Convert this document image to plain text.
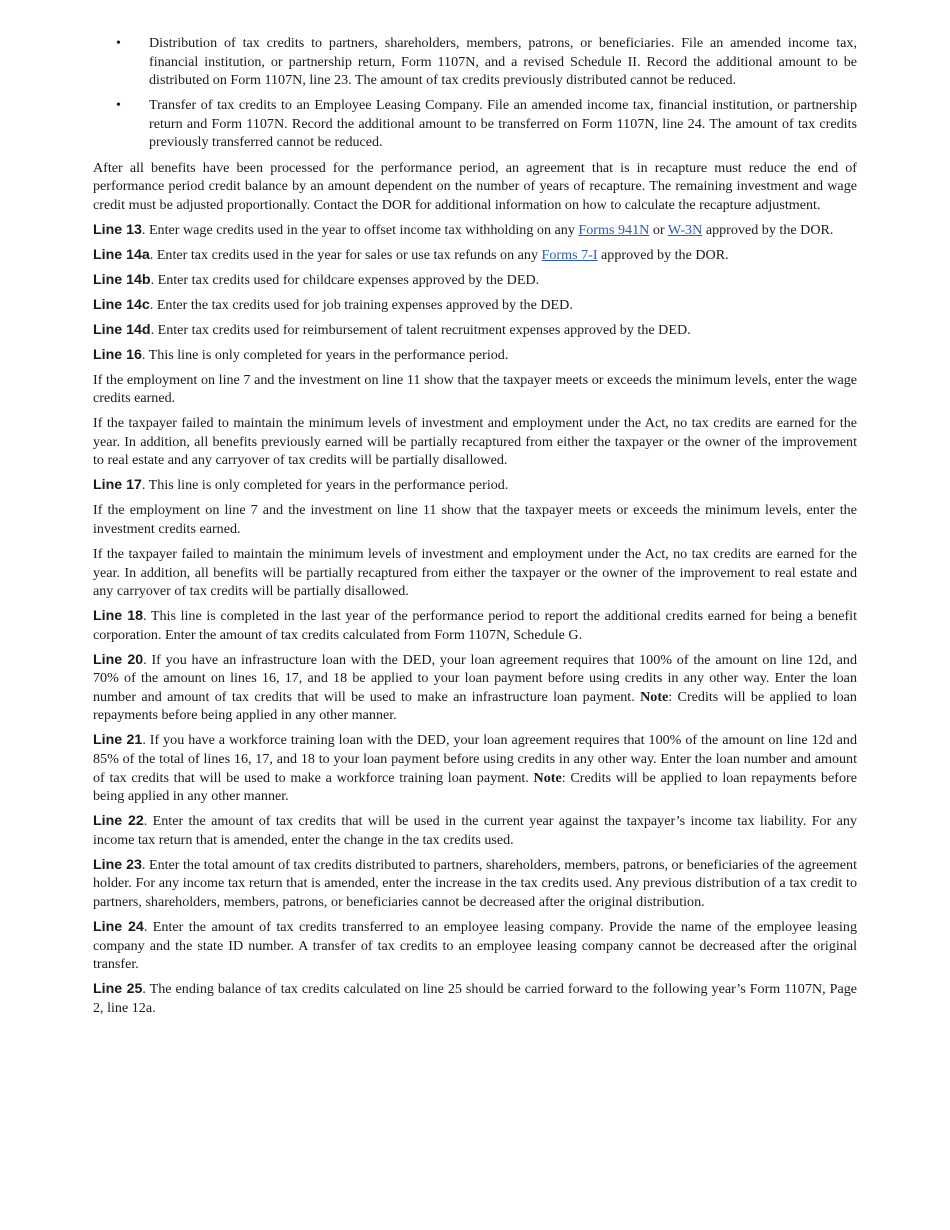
• Distribution of tax credits to partners, shareholders, members, patrons, or beneficiaries. File an amended income tax, financial institution, or partnership return, Form 1107N, and a revised Schedule II. Record the additional amount to be distributed on Form 1107N, line 23. The amount of tax credits previously distributed cannot be reduced.
• Transfer of tax credits to an Employee Leasing Company. File an amended income tax, financial institution, or partnership return and Form 1107N. Record the additional amount to be transferred on Form 1107N, line 24. The amount of tax credits previously transferred cannot be reduced.

After all benefits have been processed for the performance period, an agreement that is in recapture must reduce the end of performance period credit balance by an amount dependent on the number of years of recapture. The remaining investment and wage credit must be adjusted proportionally. Contact the DOR for additional information on how to calculate the recapture adjustment.

Line 13. Enter wage credits used in the year to offset income tax withholding on any Forms 941N or W-3N approved by the DOR.

Line 14a. Enter tax credits used in the year for sales or use tax refunds on any Forms 7-I approved by the DOR.

Line 14b. Enter tax credits used for childcare expenses approved by the DED.

Line 14c. Enter the tax credits used for job training expenses approved by the DED.

Line 14d. Enter tax credits used for reimbursement of talent recruitment expenses approved by the DED.

Line 16. This line is only completed for years in the performance period.

If the employment on line 7 and the investment on line 11 show that the taxpayer meets or exceeds the minimum levels, enter the wage credits earned.

If the taxpayer failed to maintain the minimum levels of investment and employment under the Act, no tax credits are earned for the year. In addition, all benefits previously earned will be partially recaptured from either the taxpayer or the owner of the improvement to real estate and any carryover of tax credits will be partially disallowed.

Line 17. This line is only completed for years in the performance period.

If the employment on line 7 and the investment on line 11 show that the taxpayer meets or exceeds the minimum levels, enter the investment credits earned.

If the taxpayer failed to maintain the minimum levels of investment and employment under the Act, no tax credits are earned for the year. In addition, all benefits will be partially recaptured from either the taxpayer or the owner of the improvement to real estate and any carryover of tax credits will be partially disallowed.

Line 18. This line is completed in the last year of the performance period to report the additional credits earned for being a benefit corporation. Enter the amount of tax credits calculated from Form 1107N, Schedule G.

Line 20. If you have an infrastructure loan with the DED, your loan agreement requires that 100% of the amount on line 12d, and 70% of the amount on lines 16, 17, and 18 be applied to your loan payment before using credits in any other way. Enter the loan number and amount of tax credits that will be used to make an infrastructure loan payment. Note: Credits will be applied to loan repayments before being applied in any other manner.

Line 21. If you have a workforce training loan with the DED, your loan agreement requires that 100% of the amount on line 12d and 85% of the total of lines 16, 17, and 18 to your loan payment before using credits in any other way. Enter the loan number and amount of tax credits that will be used to make a workforce training loan payment. Note: Credits will be applied to loan repayments before being applied in any other manner.

Line 22. Enter the amount of tax credits that will be used in the current year against the taxpayer’s income tax liability. For any income tax return that is amended, enter the change in the tax credits used.

Line 23. Enter the total amount of tax credits distributed to partners, shareholders, members, patrons, or beneficiaries of the agreement holder. For any income tax return that is amended, enter the increase in the tax credits used. Any previous distribution of a tax credit to partners, shareholders, members, patrons, or beneficiaries cannot be decreased after the original distribution.

Line 24. Enter the amount of tax credits transferred to an employee leasing company. Provide the name of the employee leasing company and the state ID number. A transfer of tax credits to an employee leasing company cannot be decreased after the original transfer.

Line 25. The ending balance of tax credits calculated on line 25 should be carried forward to the following year’s Form 1107N, Page 2, line 12a.
